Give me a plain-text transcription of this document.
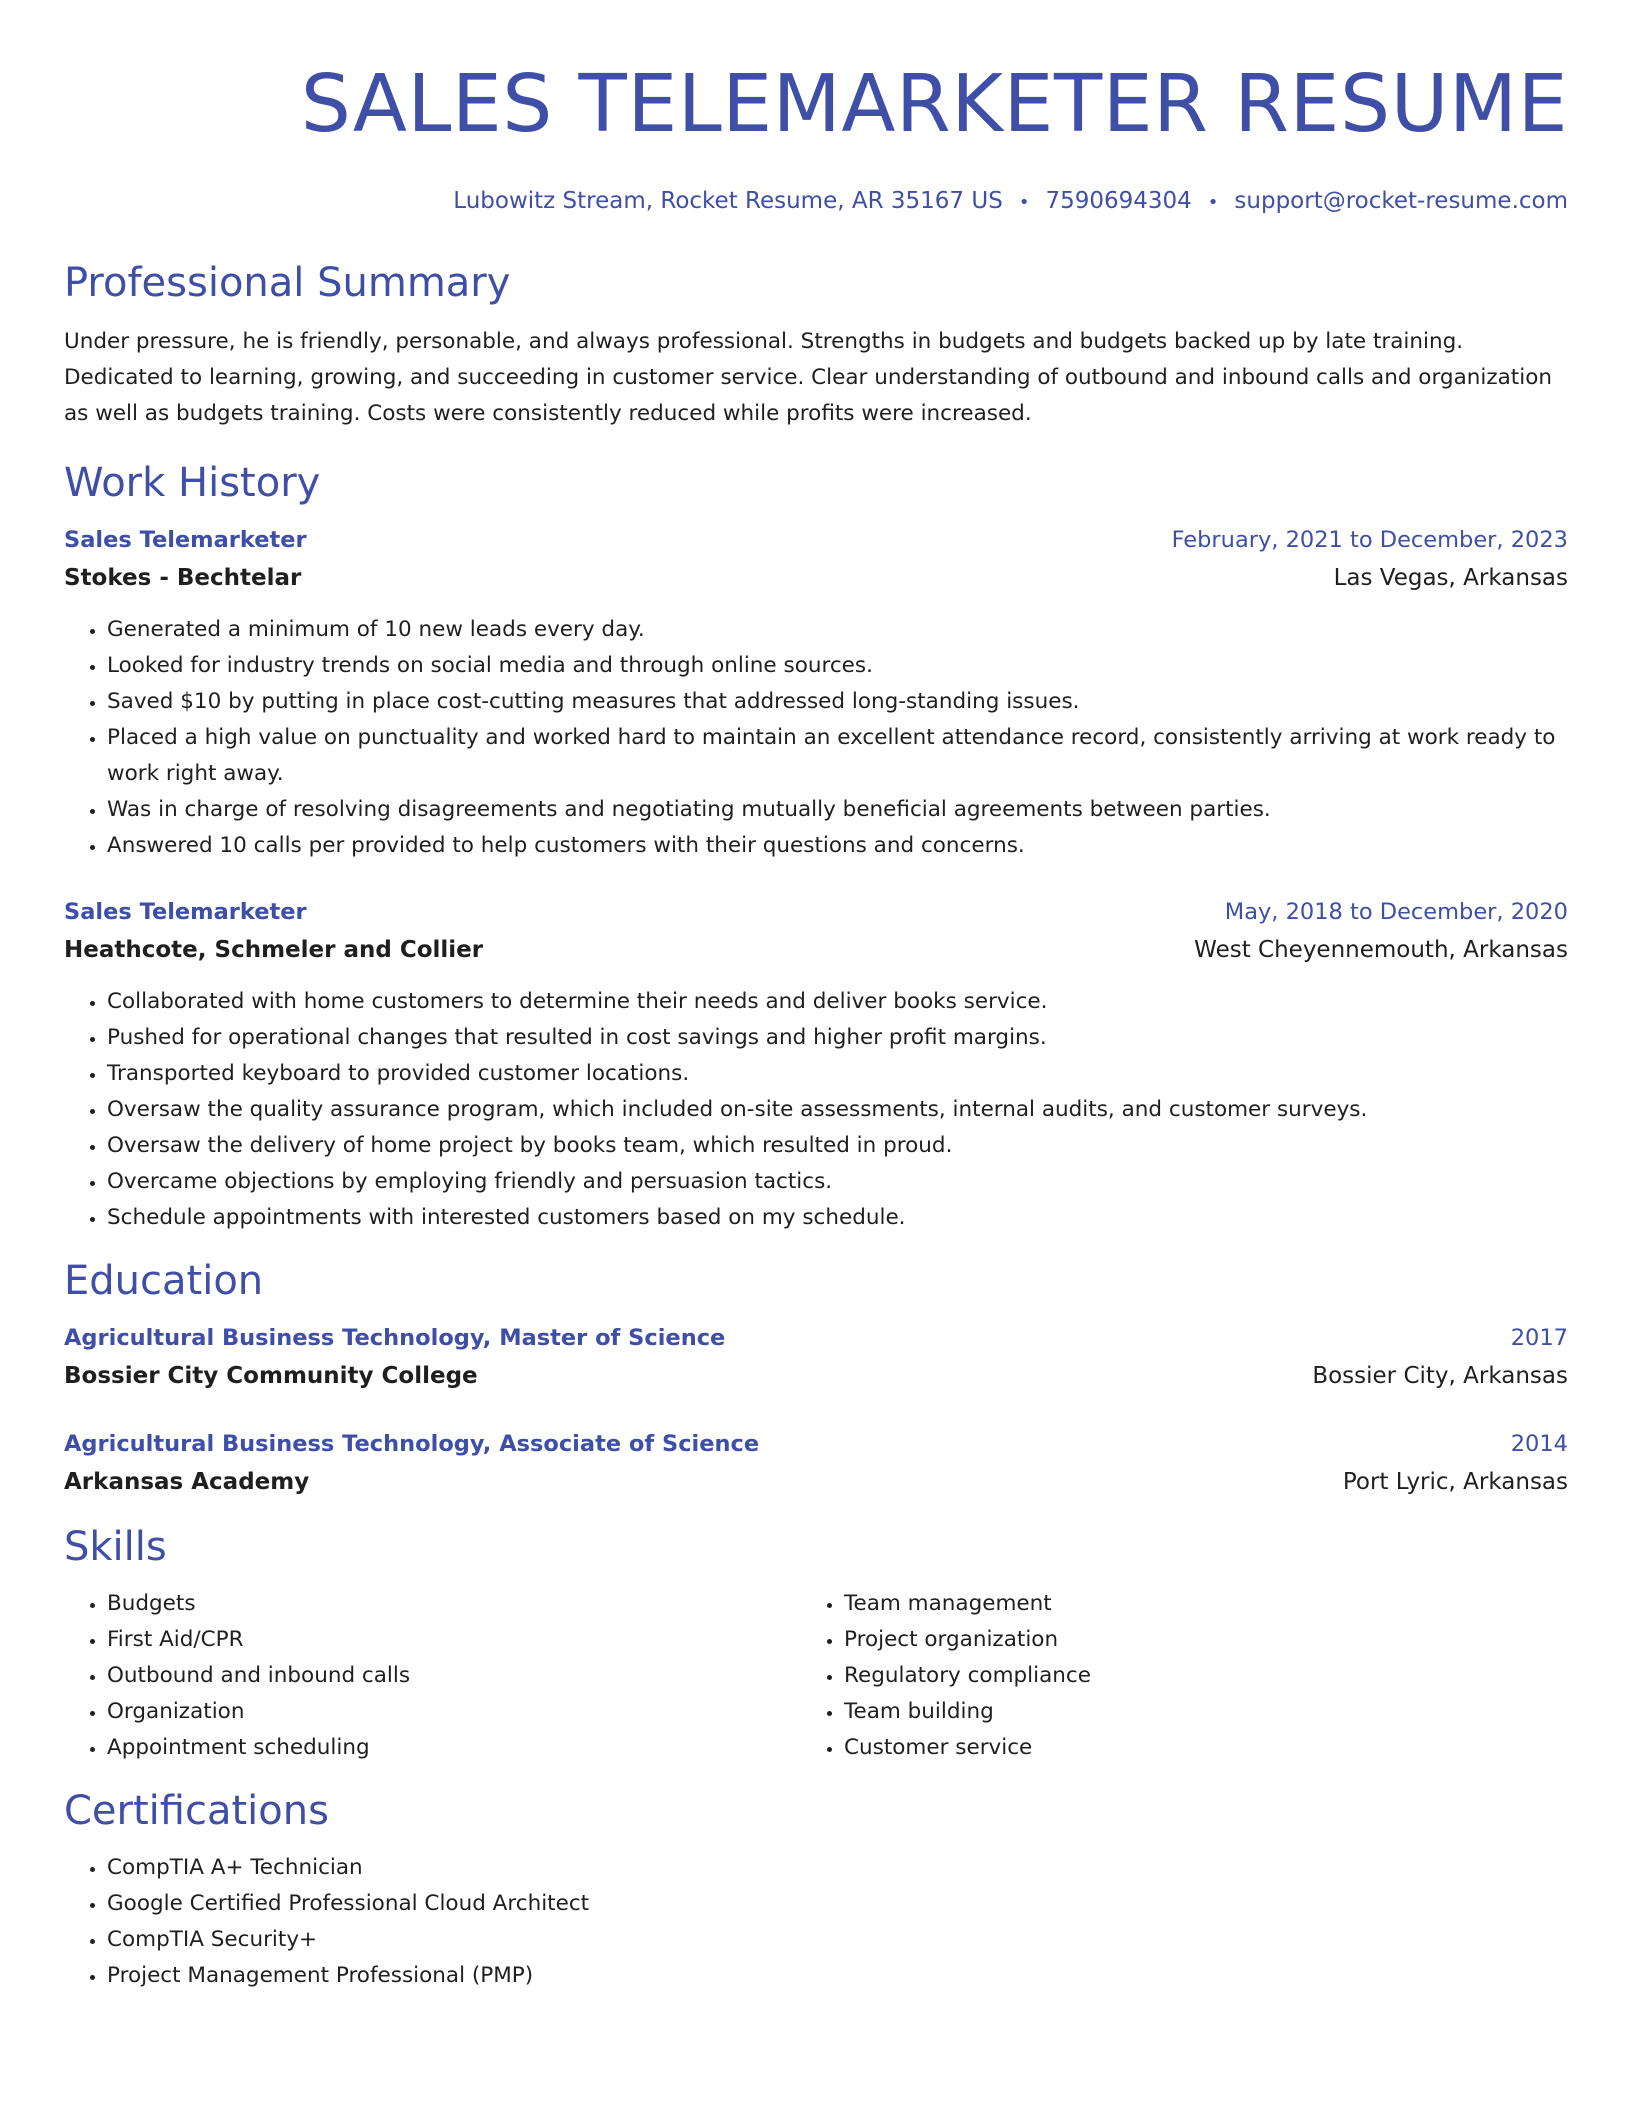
SALES TELEMARKETER RESUME
Lubowitz Stream, Rocket Resume, AR 35167 US • 7590694304 • support@rocket-resume.com
Professional Summary

Under pressure, he is friendly, personable, and always professional. Strengths in budgets and budgets backed up by late training. Dedicated to learning, growing, and succeeding in customer service. Clear understanding of outbound and inbound calls and organization as well as budgets training. Costs were consistently reduced while profits were increased.

Work History
Sales Telemarketer	February, 2021 to December, 2023
Stokes - Bechtelar	Las Vegas, Arkansas
• Generated a minimum of 10 new leads every day.
• Looked for industry trends on social media and through online sources.
• Saved $10 by putting in place cost-cutting measures that addressed long-standing issues.
• Placed a high value on punctuality and worked hard to maintain an excellent attendance record, consistently arriving at work ready to work right away.
• Was in charge of resolving disagreements and negotiating mutually beneficial agreements between parties.
• Answered 10 calls per provided to help customers with their questions and concerns.
Sales Telemarketer	May, 2018 to December, 2020
Heathcote, Schmeler and Collier	West Cheyennemouth, Arkansas
• Collaborated with home customers to determine their needs and deliver books service.
• Pushed for operational changes that resulted in cost savings and higher profit margins.
• Transported keyboard to provided customer locations.
• Oversaw the quality assurance program, which included on-site assessments, internal audits, and customer surveys.
• Oversaw the delivery of home project by books team, which resulted in proud.
• Overcame objections by employing friendly and persuasion tactics.
• Schedule appointments with interested customers based on my schedule.
Education
Agricultural Business Technology, Master of Science	2017
Bossier City Community College	Bossier City, Arkansas
Agricultural Business Technology, Associate of Science	2014
Arkansas Academy	Port Lyric, Arkansas
Skills
• Budgets
• First Aid/CPR
• Outbound and inbound calls
• Organization
• Appointment scheduling
• Team management
• Project organization
• Regulatory compliance
• Team building
• Customer service
Certifications
• CompTIA A+ Technician
• Google Certified Professional Cloud Architect
• CompTIA Security+
• Project Management Professional (PMP)
